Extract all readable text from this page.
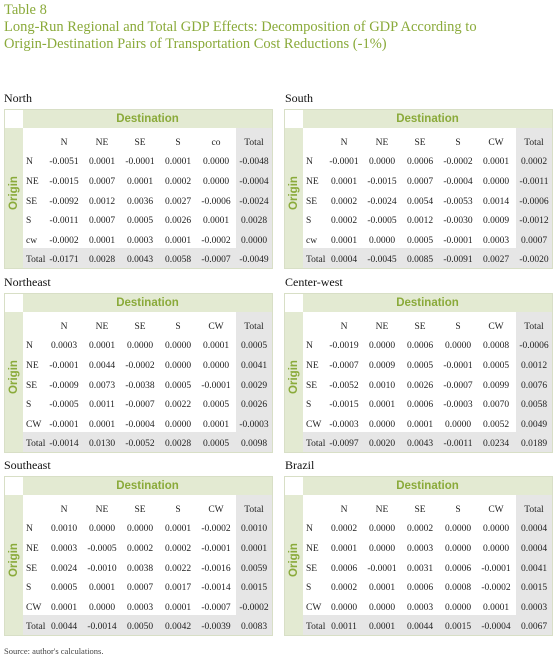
Table 8
Long-Run Regional and Total GDP Effects: Decomposition of GDP According to
Origin-Destination Pairs of Transportation Cost Reductions (-1%)
North
Destination
Origin
	N	NE	SE	S	co	Total
N	-0.0051	0.0001	-0.0001	0.0001	0.0000	-0.0048
NE	-0.0015	0.0007	0.0001	0.0002	0.0000	-0.0004
SE	-0.0092	0.0012	0.0036	0.0027	-0.0006	-0.0024
S	-0.0011	0.0007	0.0005	0.0026	0.0001	0.0028
cw	-0.0002	0.0001	0.0003	0.0001	-0.0002	0.0000
Total	-0.0171	0.0028	0.0043	0.0058	-0.0007	-0.0049
South
Destination
Origin
	N	NE	SE	S	CW	Total
N	-0.0001	0.0000	0.0006	-0.0002	0.0001	0.0002
NE	0.0001	-0.0015	0.0007	-0.0004	0.0000	-0.0011
SE	0.0002	-0.0024	0.0054	-0.0053	0.0014	-0.0006
S	0.0002	-0.0005	0.0012	-0.0030	0.0009	-0.0012
cw	0.0001	0.0000	0.0005	-0.0001	0.0003	0.0007
Total	0.0004	-0.0045	0.0085	-0.0091	0.0027	-0.0020
Northeast
Destination
Origin
	N	NE	SE	S	CW	Total
N	0.0003	0.0001	0.0000	0.0000	0.0001	0.0005
NE	-0.0001	0.0044	-0.0002	0.0000	0.0000	0.0041
SE	-0.0009	0.0073	-0.0038	0.0005	-0.0001	0.0029
S	-0.0005	0.0011	-0.0007	0.0022	0.0005	0.0026
CW	-0.0001	0.0001	-0.0004	0.0000	0.0001	-0.0003
Total	-0.0014	0.0130	-0.0052	0.0028	0.0005	0.0098
Center-west
Destination
Origin
	N	NE	SE	S	CW	Total
N	-0.0019	0.0000	0.0006	0.0000	0.0008	-0.0006
NE	-0.0007	0.0009	0.0005	-0.0001	0.0005	0.0012
SE	-0.0052	0.0010	0.0026	-0.0007	0.0099	0.0076
S	-0.0015	0.0001	0.0006	-0.0003	0.0070	0.0058
CW	-0.0003	0.0000	0.0001	0.0000	0.0052	0.0049
Total	-0.0097	0.0020	0.0043	-0.0011	0.0234	0.0189
Southeast
Destination
Origin
	N	NE	SE	S	CW	Total
N	0.0010	0.0000	0.0000	0.0001	-0.0002	0.0010
NE	0.0003	-0.0005	0.0002	0.0002	-0.0001	0.0001
SE	0.0024	-0.0010	0.0038	0.0022	-0.0016	0.0059
S	0.0005	0.0001	0.0007	0.0017	-0.0014	0.0015
CW	0.0001	0.0000	0.0003	0.0001	-0.0007	-0.0002
Total	0.0044	-0.0014	0.0050	0.0042	-0.0039	0.0083
Brazil
Destination
Origin
	N	NE	SE	S	CW	Total
N	0.0002	0.0000	0.0002	0.0000	0.0000	0.0004
NE	0.0001	0.0000	0.0003	0.0000	0.0000	0.0004
SE	0.0006	-0.0001	0.0031	0.0006	-0.0001	0.0041
S	0.0002	0.0001	0.0006	0.0008	-0.0002	0.0015
CW	0.0000	0.0000	0.0003	0.0000	0.0001	0.0003
Total	0.0011	0.0001	0.0044	0.0015	-0.0004	0.0067
Source: author's calculations.
